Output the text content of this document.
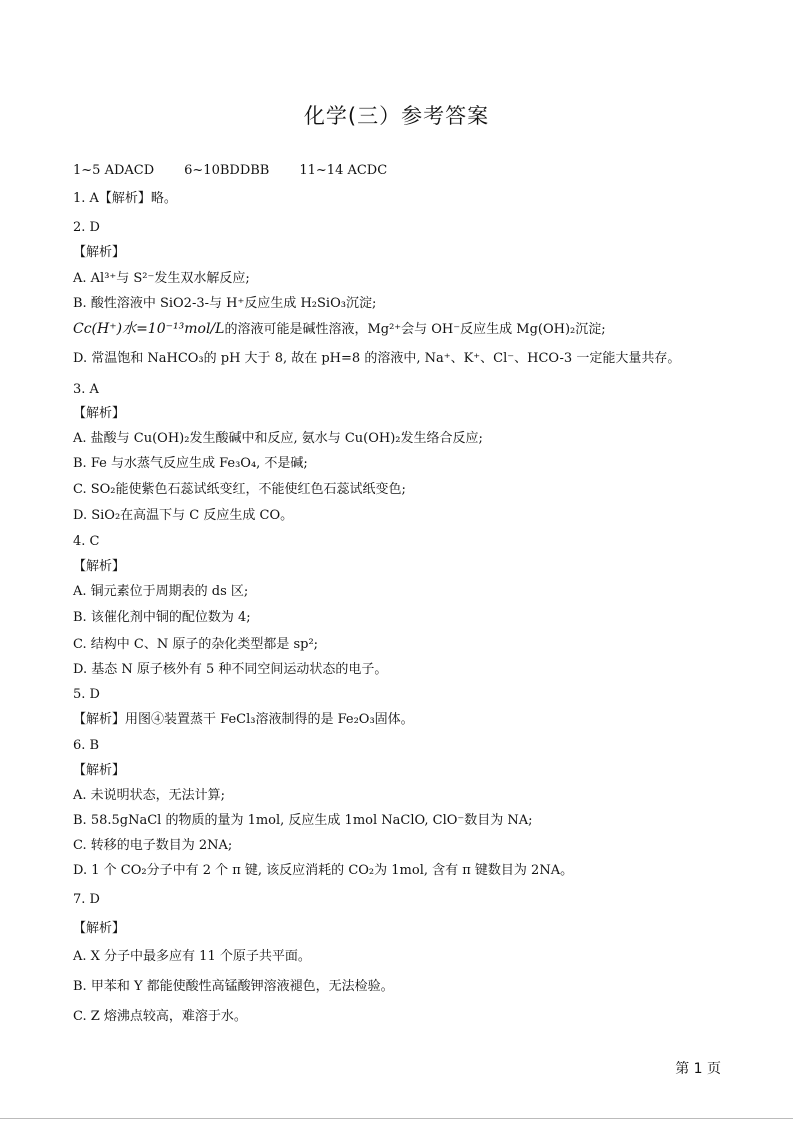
化学(三）参考答案
1~5 ADACD 6~10BDDBB 11~14 ACDC
1. A【解析】略。
2. D
【解析】
A. Al³⁺与 S²⁻发生双水解反应;
B. 酸性溶液中 SiO2-3-与 H⁺反应生成 H₂SiO₃沉淀;
Cc(H⁺)水=10⁻¹³mol/L的溶液可能是碱性溶液，Mg²⁺会与 OH⁻反应生成 Mg(OH)₂沉淀;
D. 常温饱和 NaHCO₃的 pH 大于 8, 故在 pH=8 的溶液中, Na⁺、K⁺、Cl⁻、HCO-3 一定能大量共存。
3. A
【解析】
A. 盐酸与 Cu(OH)₂发生酸碱中和反应, 氨水与 Cu(OH)₂发生络合反应;
B. Fe 与水蒸气反应生成 Fe₃O₄, 不是碱;
C. SO₂能使紫色石蕊试纸变红，不能使红色石蕊试纸变色;
D. SiO₂在高温下与 C 反应生成 CO。
4. C
【解析】
A. 铜元素位于周期表的 ds 区;
B. 该催化剂中铜的配位数为 4;
C. 结构中 C、N 原子的杂化类型都是 sp²;
D. 基态 N 原子核外有 5 种不同空间运动状态的电子。
5. D
【解析】用图④装置蒸干 FeCl₃溶液制得的是 Fe₂O₃固体。
6. B
【解析】
A. 未说明状态，无法计算;
B. 58.5gNaCl 的物质的量为 1mol, 反应生成 1mol NaClO, ClO⁻数目为 NA;
C. 转移的电子数目为 2NA;
D. 1 个 CO₂分子中有 2 个 π 键, 该反应消耗的 CO₂为 1mol, 含有 π 键数目为 2NA。
7. D
【解析】
A. X 分子中最多应有 11 个原子共平面。
B. 甲苯和 Y 都能使酸性高锰酸钾溶液褪色，无法检验。
C. Z 熔沸点较高，难溶于水。
第 1 页
